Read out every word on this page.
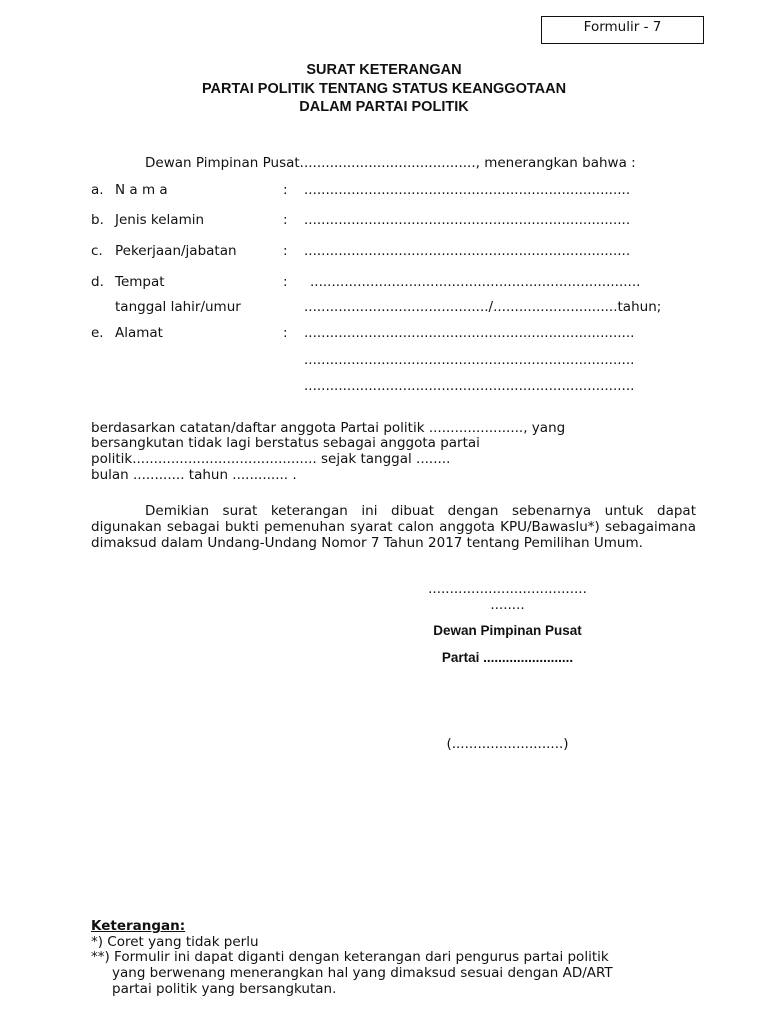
Formulir - 7
SURAT KETERANGAN
PARTAI POLITIK TENTANG STATUS KEANGGOTAAN
DALAM PARTAI POLITIK
Dewan Pimpinan Pusat........................................., menerangkan bahwa :
a. N a m a	: ............................................................................
b. Jenis kelamin	: ............................................................................
c. Pekerjaan/jabatan	: ............................................................................
d. Tempat	: .............................................................................
tanggal lahir/umur	.........................................../.............................tahun;
e. Alamat	: .............................................................................
.............................................................................
.............................................................................
berdasarkan catatan/daftar anggota Partai politik ......................, yang
bersangkutan tidak lagi berstatus sebagai anggota partai
politik........................................... sejak tanggal ........
bulan ............ tahun ............. .
Demikian surat keterangan ini dibuat dengan sebenarnya untuk dapat digunakan sebagai bukti pemenuhan syarat calon anggota KPU/Bawaslu*) sebagaimana dimaksud dalam Undang-Undang Nomor 7 Tahun 2017 tentang Pemilihan Umum.
.....................................
........
Dewan Pimpinan Pusat
Partai ........................
(..........................)
Keterangan:
*) Coret yang tidak perlu
**) Formulir ini dapat diganti dengan keterangan dari pengurus partai politik
yang berwenang menerangkan hal yang dimaksud sesuai dengan AD/ART
partai politik yang bersangkutan.
